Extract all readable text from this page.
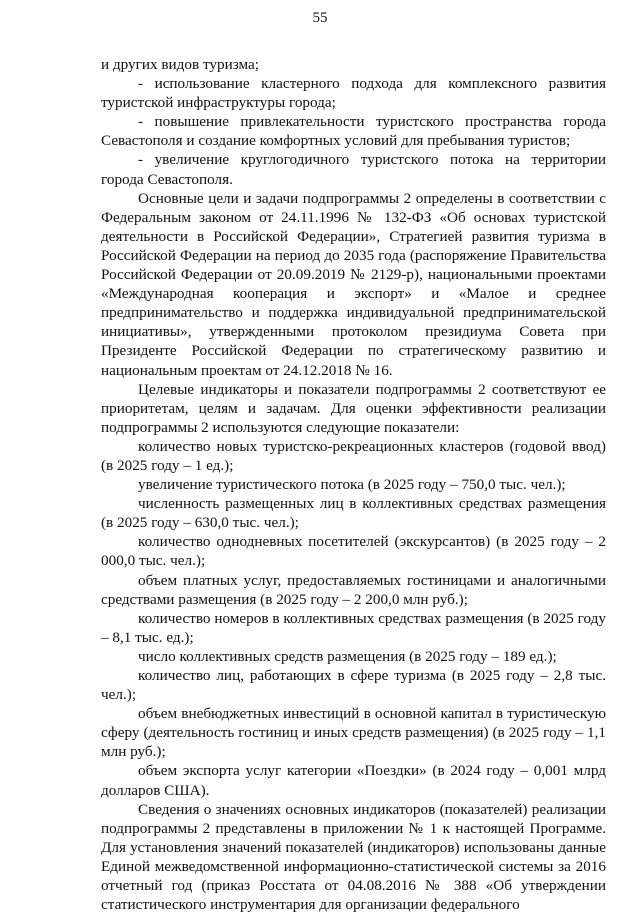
55

и других видов туризма;

- использование кластерного подхода для комплексного развития туристской инфраструктуры города;

- повышение привлекательности туристского пространства города Севастополя и создание комфортных условий для пребывания туристов;

- увеличение круглогодичного туристского потока на территории города Севастополя.

Основные цели и задачи подпрограммы 2 определены в соответствии с Федеральным законом от 24.11.1996 № 132-ФЗ «Об основах туристской деятельности в Российской Федерации», Стратегией развития туризма в Российской Федерации на период до 2035 года (распоряжение Правительства Российской Федерации от 20.09.2019 № 2129-р), национальными проектами «Международная кооперация и экспорт» и «Малое и среднее предпринимательство и поддержка индивидуальной предпринимательской инициативы», утвержденными протоколом президиума Совета при Президенте Российской Федерации по стратегическому развитию и национальным проектам от 24.12.2018 № 16.

Целевые индикаторы и показатели подпрограммы 2 соответствуют ее приоритетам, целям и задачам. Для оценки эффективности реализации подпрограммы 2 используются следующие показатели:

количество новых туристско-рекреационных кластеров (годовой ввод) (в 2025 году – 1 ед.);

увеличение туристического потока (в 2025 году – 750,0 тыс. чел.);

численность размещенных лиц в коллективных средствах размещения (в 2025 году – 630,0 тыс. чел.);

количество однодневных посетителей (экскурсантов) (в 2025 году – 2 000,0 тыс. чел.);

объем платных услуг, предоставляемых гостиницами и аналогичными средствами размещения (в 2025 году – 2 200,0 млн руб.);

количество номеров в коллективных средствах размещения (в 2025 году – 8,1 тыс. ед.);

число коллективных средств размещения (в 2025 году – 189 ед.);

количество лиц, работающих в сфере туризма (в 2025 году – 2,8 тыс. чел.);

объем внебюджетных инвестиций в основной капитал в туристическую сферу (деятельность гостиниц и иных средств размещения) (в 2025 году – 1,1 млн руб.);

объем экспорта услуг категории «Поездки» (в 2024 году – 0,001 млрд долларов США).

Сведения о значениях основных индикаторов (показателей) реализации подпрограммы 2 представлены в приложении № 1 к настоящей Программе. Для установления значений показателей (индикаторов) использованы данные Единой межведомственной информационно-статистической системы за 2016 отчетный год (приказ Росстата от 04.08.2016 № 388 «Об утверждении статистического инструментария для организации федерального
